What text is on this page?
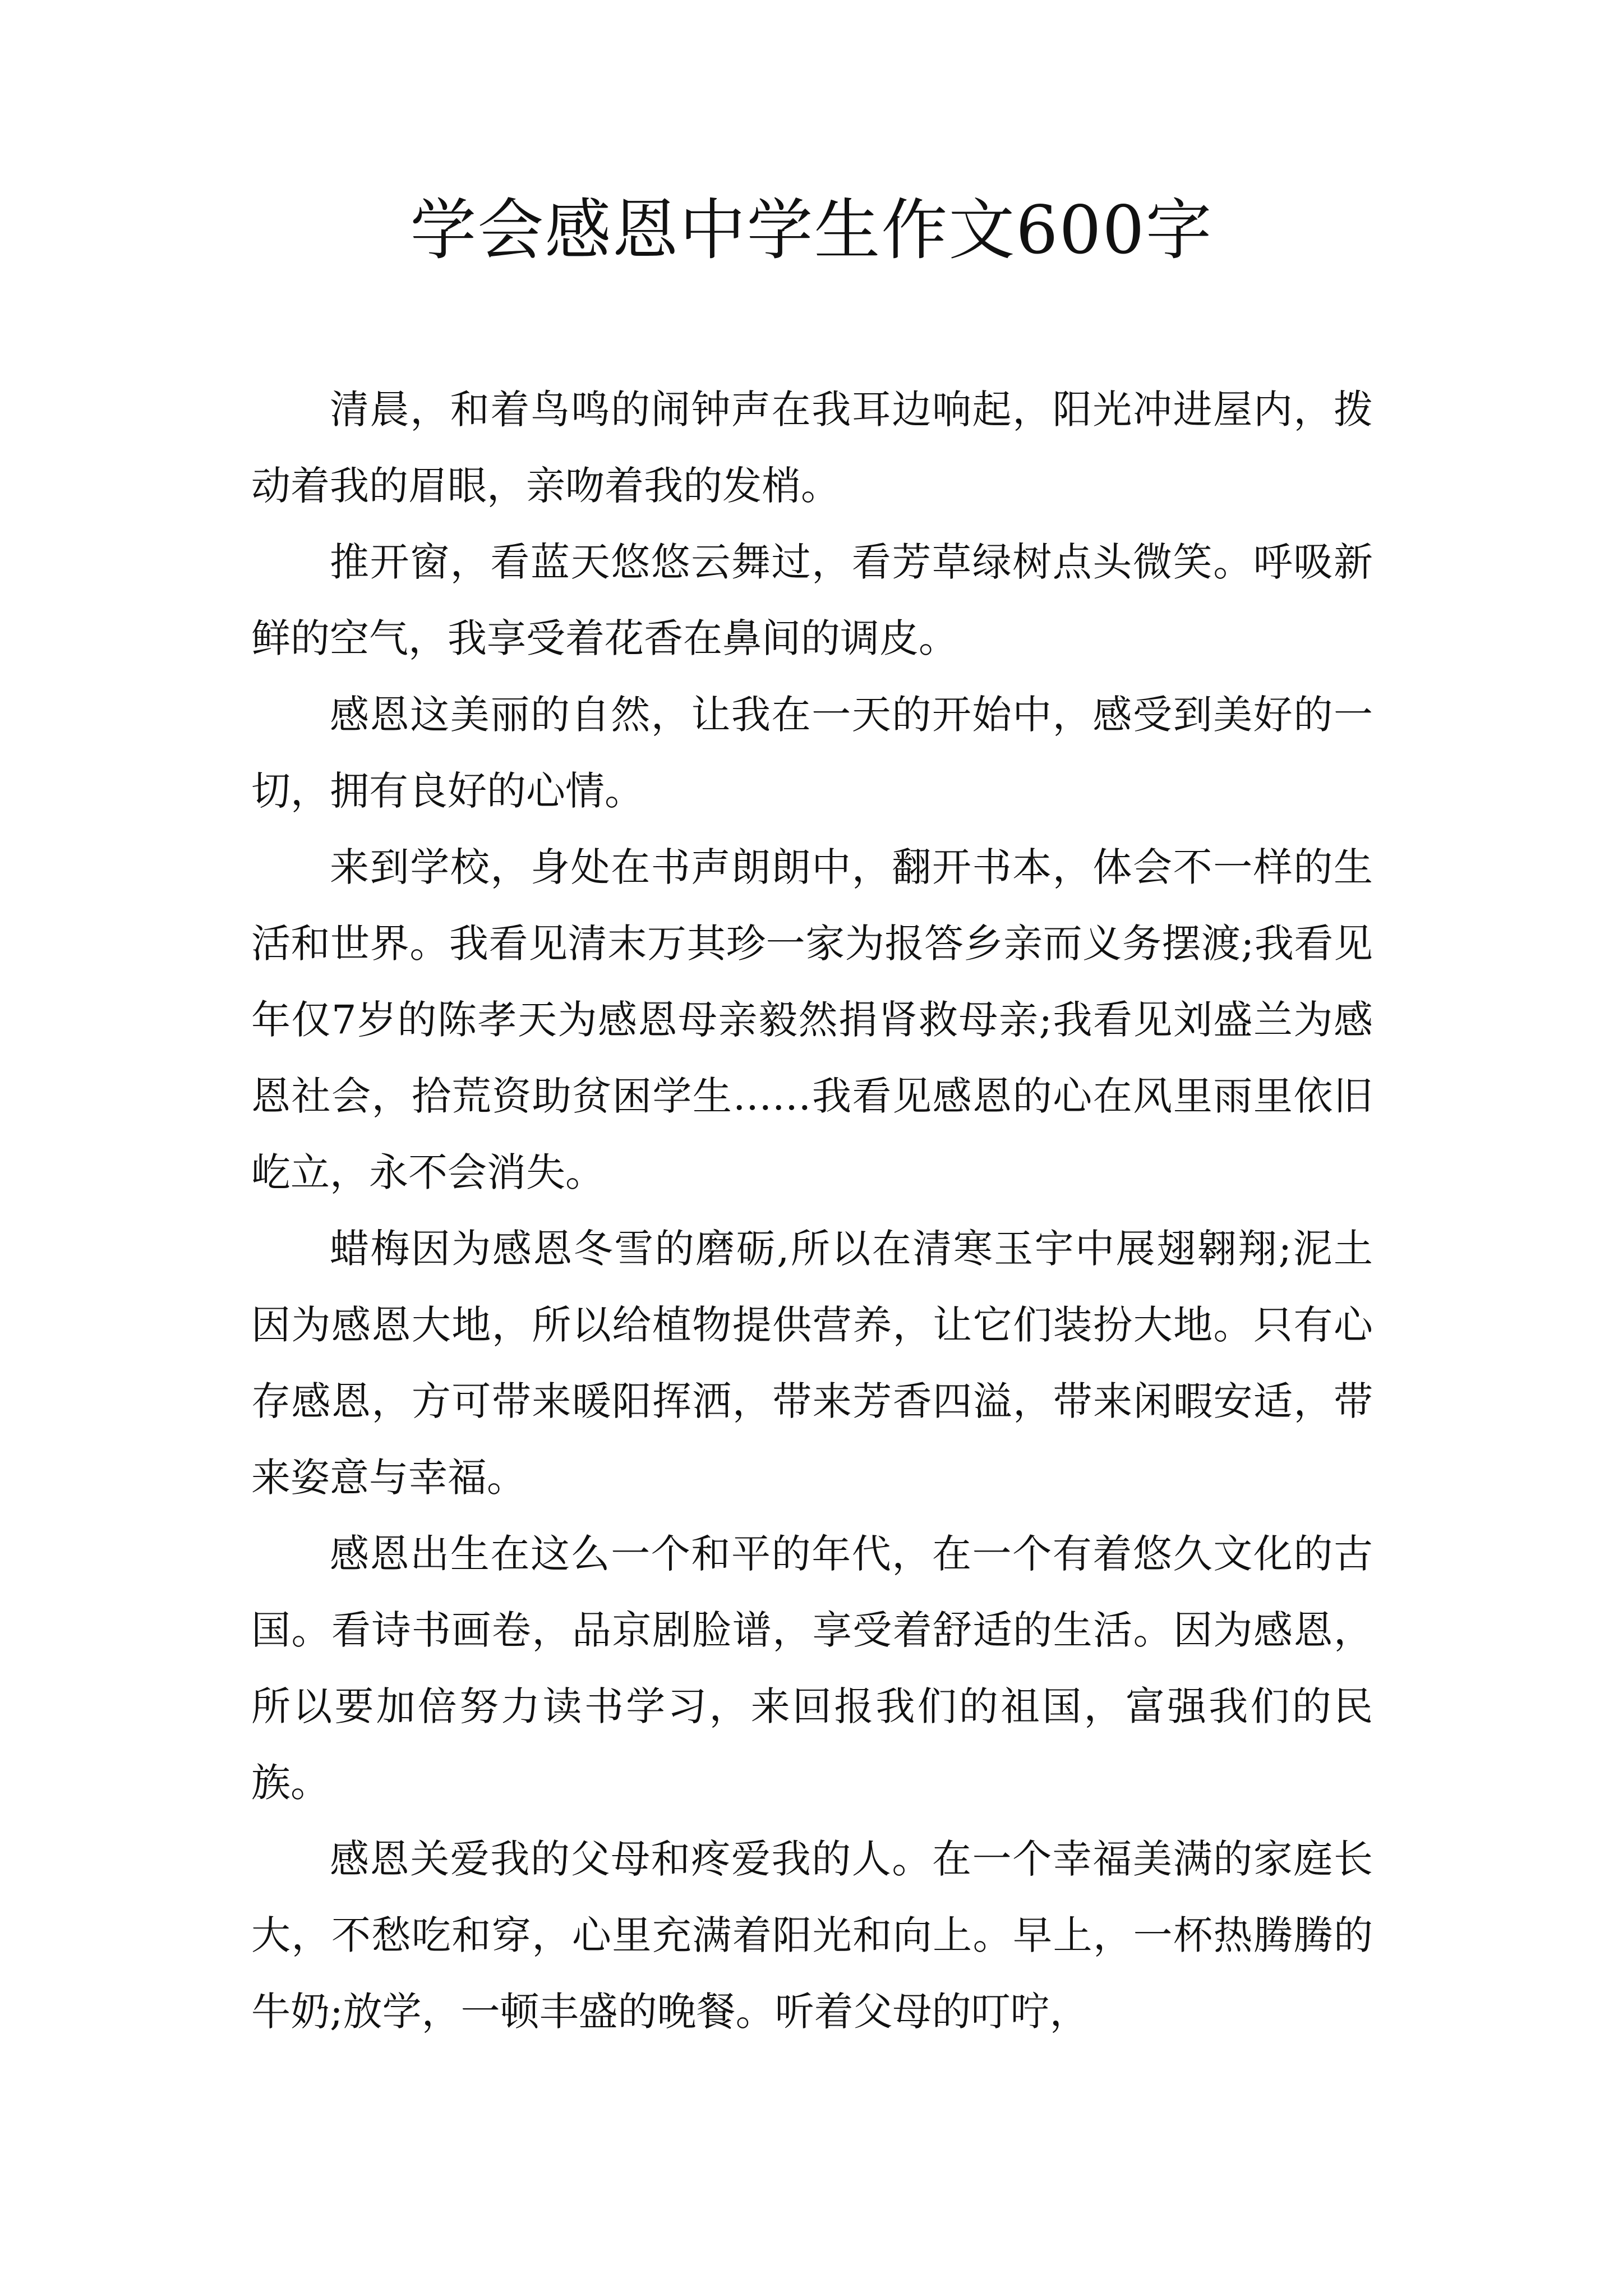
学会感恩中学生作文600字

清晨，和着鸟鸣的闹钟声在我耳边响起，阳光冲进屋内，拨动着我的眉眼，亲吻着我的发梢。

推开窗，看蓝天悠悠云舞过，看芳草绿树点头微笑。呼吸新鲜的空气，我享受着花香在鼻间的调皮。

感恩这美丽的自然，让我在一天的开始中，感受到美好的一切，拥有良好的心情。

来到学校，身处在书声朗朗中，翻开书本，体会不一样的生活和世界。我看见清末万其珍一家为报答乡亲而义务摆渡;我看见年仅7岁的陈孝天为感恩母亲毅然捐肾救母亲;我看见刘盛兰为感恩社会，拾荒资助贫困学生……我看见感恩的心在风里雨里依旧屹立，永不会消失。

蜡梅因为感恩冬雪的磨砺,所以在清寒玉宇中展翅翱翔;泥土因为感恩大地，所以给植物提供营养，让它们装扮大地。只有心存感恩，方可带来暖阳挥洒，带来芳香四溢，带来闲暇安适，带来姿意与幸福。

感恩出生在这么一个和平的年代，在一个有着悠久文化的古国。看诗书画卷，品京剧脸谱，享受着舒适的生活。因为感恩，所以要加倍努力读书学习，来回报我们的祖国，富强我们的民族。

感恩关爱我的父母和疼爱我的人。在一个幸福美满的家庭长大，不愁吃和穿，心里充满着阳光和向上。早上，一杯热腾腾的牛奶;放学，一顿丰盛的晚餐。听着父母的叮咛，
